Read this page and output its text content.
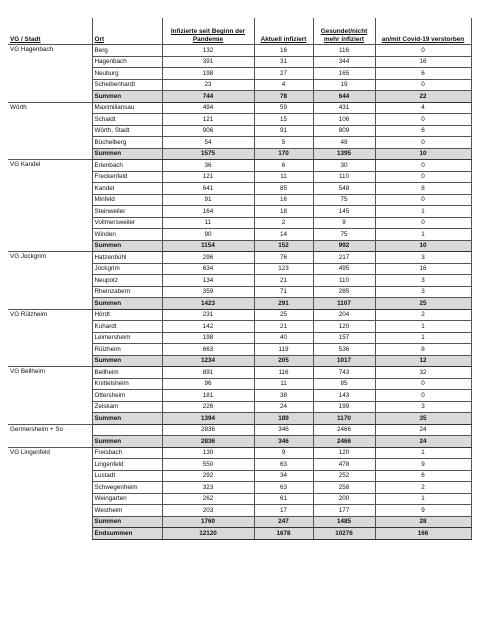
VG / Stadt	Ort	Infizierte seit Beginn der Pandemie	Aktuell infiziert	Gesundet/nicht mehr infiziert	an/mit Covid-19 verstorben
VG Hagenbach	Berg	132	16	116	0
	Hagenbach	391	31	344	16
	Neuburg	198	27	165	6
	Scheibenhardt	23	4	19	0
	Summen	744	78	644	22
Wörth	Maximiliansau	494	59	431	4
	Schaidt	121	15	106	0
	Wörth, Stadt	906	91	809	6
	Büchelberg	54	5	49	0
	Summen	1575	170	1395	10
VG Kandel	Erlenbach	36	6	30	0
	Freckenfeld	121	11	110	0
	Kandel	641	85	548	8
	Minfeld	91	16	75	0
	Steinweiler	164	18	145	1
	Vollmersweiler	11	2	9	0
	Winden	90	14	75	1
	Summen	1154	152	992	10
VG Jockgrim	Hatzenbühl	296	76	217	3
	Jockgrim	634	123	495	16
	Neupotz	134	21	110	3
	Rheinzabern	359	71	285	3
	Summen	1423	291	1107	25
VG Rülzheim	Hördt	231	25	204	2
	Kuhardt	142	21	120	1
	Leimersheim	198	40	157	1
	Rülzheim	663	119	536	8
	Summen	1234	205	1017	12
VG Bellheim	Bellheim	891	116	743	32
	Knittelsheim	96	11	85	0
	Ottersheim	181	38	143	0
	Zeiskam	226	24	199	3
	Summen	1394	189	1170	35
Germersheim + So		2836	346	2466	24
	Summen	2836	346	2466	24
VG Lingenfeld	Freisbach	130	9	120	1
	Lingenfeld	550	63	478	9
	Lustadt	292	34	252	6
	Schwegenheim	323	63	258	2
	Weingarten	262	61	200	1
	Westheim	203	17	177	9
	Summen	1760	247	1485	28
	Endsummen	12120	1678	10276	166
